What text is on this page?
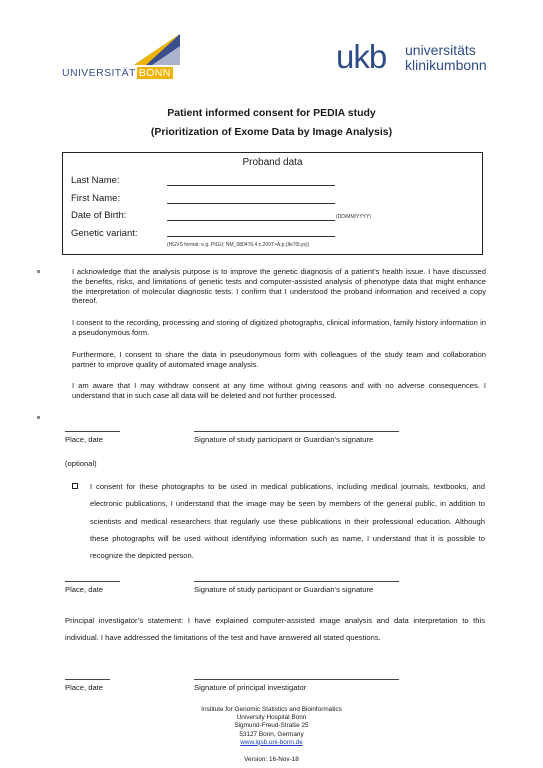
UNIVERSITÄT BONN	ukb universitäts
klinikumbonn
Patient informed consent for PEDIA study
(Prioritization of Exome Data by Image Analysis)
Proband data
Last Name:
First Name:
Date of Birth:	(DD/MM/YYYY)
Genetic variant:
(HGVS format: e.g. PIGU; NM_080476.4:c.209T>A;p.(Ile70Lys))
I acknowledge that the analysis purpose is to improve the genetic diagnosis of a patient’s health issue. I have discussed the benefits, risks, and limitations of genetic tests and computer-assisted analysis of phenotype data that might enhance the interpretation of molecular diagnostic tests. I confirm that I understood the proband information and received a copy thereof.
I consent to the recording, processing and storing of digitized photographs, clinical information, family history information in a pseudonymous form.
Furthermore, I consent to share the data in pseudonymous form with colleagues of the study team and collaboration partner to improve quality of automated image analysis.
I am aware that I may withdraw consent at any time without giving reasons and with no adverse consequences. I understand that in such case all data will be deleted and not further processed.
Place, date	Signature of study participant or Guardian’s signature
(optional)
I consent for these photographs to be used in medical publications, including medical journals, textbooks, and electronic publications, I understand that the image may be seen by members of the general public, in addition to scientists and medical researchers that regularly use these publications in their professional education. Although these photographs will be used without identifying information such as name, I understand that it is possible to recognize the depicted person.
Place, date	Signature of study participant or Guardian’s signature
Principal investigator’s statement: I have explained computer-assisted image analysis and data interpretation to this individual. I have addressed the limitations of the test and have answered all stated questions.
Place, date	Signature of principal investigator
Institute for Genomic Statistics and Bioinformatics
University Hospital Bonn
Sigmund-Freud-Straße 25
53127 Bonn, Germany
www.igsb.uni-bonn.de
Version: 16-Nov-18
